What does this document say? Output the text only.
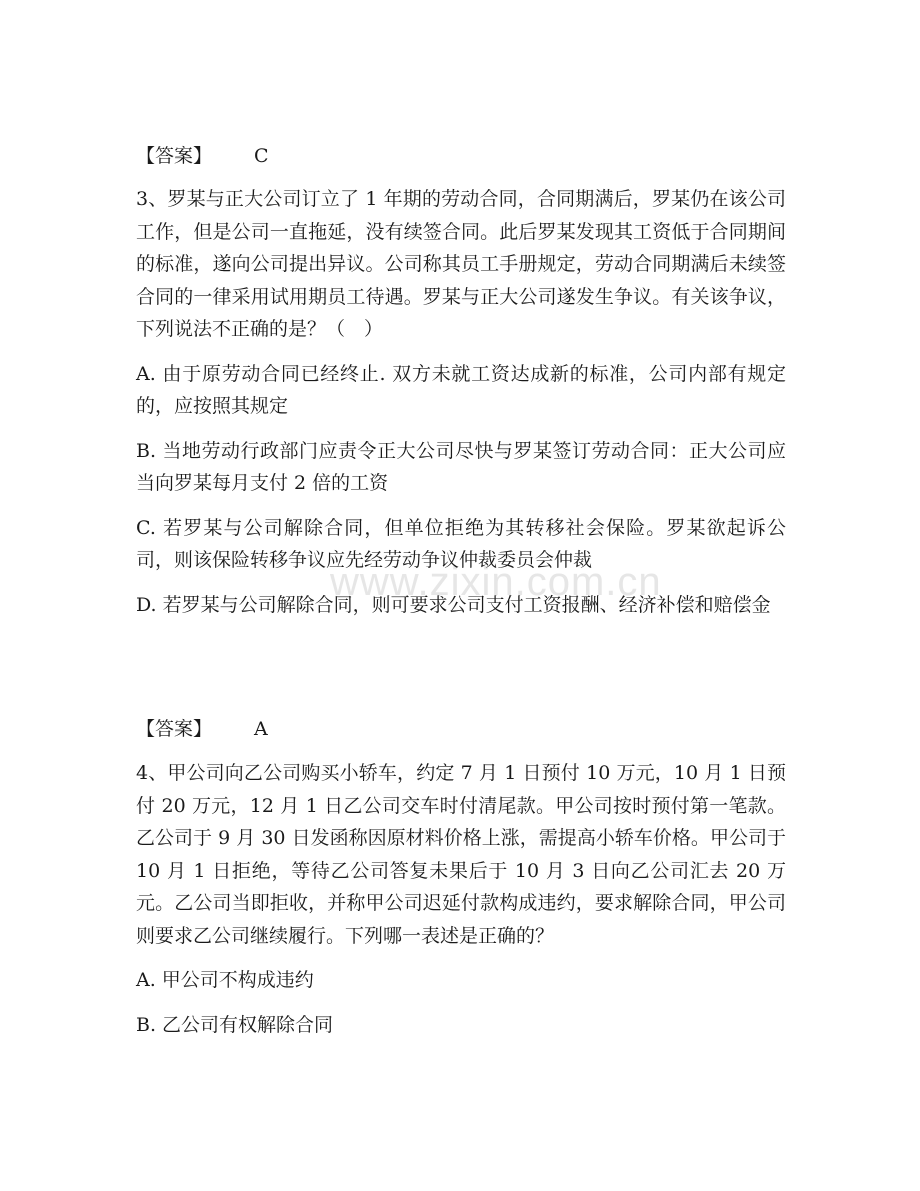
www.zixin.com.cn
【答案】 C

3、罗某与正大公司订立了 1 年期的劳动合同，合同期满后，罗某仍在该公司工作，但是公司一直拖延，没有续签合同。此后罗某发现其工资低于合同期间的标准，遂向公司提出异议。公司称其员工手册规定，劳动合同期满后未续签合同的一律采用试用期员工待遇。罗某与正大公司遂发生争议。有关该争议，下列说法不正确的是？（　）

A. 由于原劳动合同已经终止. 双方未就工资达成新的标准，公司内部有规定的，应按照其规定

B. 当地劳动行政部门应责令正大公司尽快与罗某签订劳动合同：正大公司应当向罗某每月支付 2 倍的工资

C. 若罗某与公司解除合同，但单位拒绝为其转移社会保险。罗某欲起诉公司，则该保险转移争议应先经劳动争议仲裁委员会仲裁

D. 若罗某与公司解除合同，则可要求公司支付工资报酬、经济补偿和赔偿金

【答案】 A

4、甲公司向乙公司购买小轿车，约定 7 月 1 日预付 10 万元，10 月 1 日预付 20 万元，12 月 1 日乙公司交车时付清尾款。甲公司按时预付第一笔款。乙公司于 9 月 30 日发函称因原材料价格上涨，需提高小轿车价格。甲公司于 10 月 1 日拒绝，等待乙公司答复未果后于 10 月 3 日向乙公司汇去 20 万元。乙公司当即拒收，并称甲公司迟延付款构成违约，要求解除合同，甲公司则要求乙公司继续履行。下列哪一表述是正确的？

A. 甲公司不构成违约

B. 乙公司有权解除合同
